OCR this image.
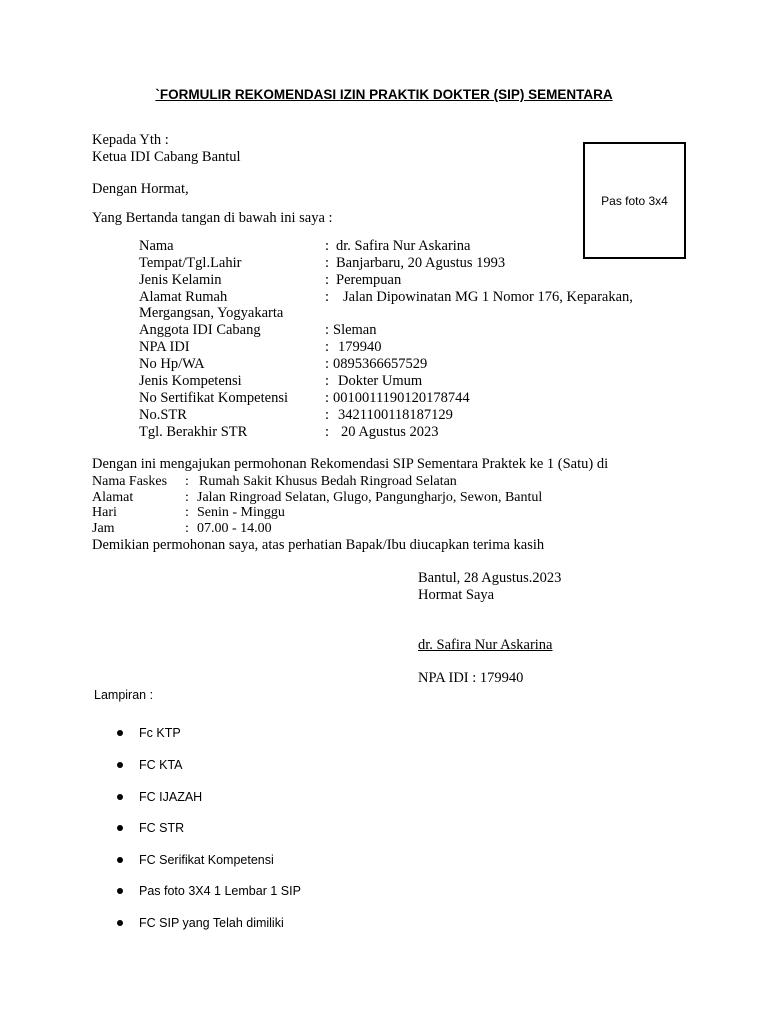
`FORMULIR REKOMENDASI IZIN PRAKTIK DOKTER (SIP) SEMENTARA
Pas foto 3x4
Kepada Yth :
Ketua IDI Cabang Bantul
Dengan Hormat,
Yang Bertanda tangan di bawah ini saya :
Nama	: dr. Safira Nur Askarina
Tempat/Tgl.Lahir	: Banjarbaru, 20 Agustus 1993
Jenis Kelamin	: Perempuan
Alamat Rumah	: Jalan Dipowinatan MG 1 Nomor 176, Keparakan,
Mergangsan, Yogyakarta
Anggota IDI Cabang	: Sleman
NPA IDI	: 179940
No Hp/WA	: 0895366657529
Jenis Kompetensi	: Dokter Umum
No Sertifikat Kompetensi	: 0010011190120178744
No.STR	: 3421100118187129
Tgl. Berakhir STR	: 20 Agustus 2023
Dengan ini mengajukan permohonan Rekomendasi SIP Sementara Praktek ke 1 (Satu) di
Nama Faskes : Rumah Sakit Khusus Bedah Ringroad Selatan
Alamat	: Jalan Ringroad Selatan, Glugo, Pangungharjo, Sewon, Bantul
Hari	: Senin - Minggu
Jam	: 07.00 - 14.00
Demikian permohonan saya, atas perhatian Bapak/Ibu diucapkan terima kasih
Bantul, 28 Agustus.2023
Hormat Saya
dr. Safira Nur Askarina
NPA IDI : 179940
Lampiran :
Fc KTP
FC KTA
FC IJAZAH
FC STR
FC Serifikat Kompetensi
Pas foto 3X4 1 Lembar 1 SIP
FC SIP yang Telah dimiliki
